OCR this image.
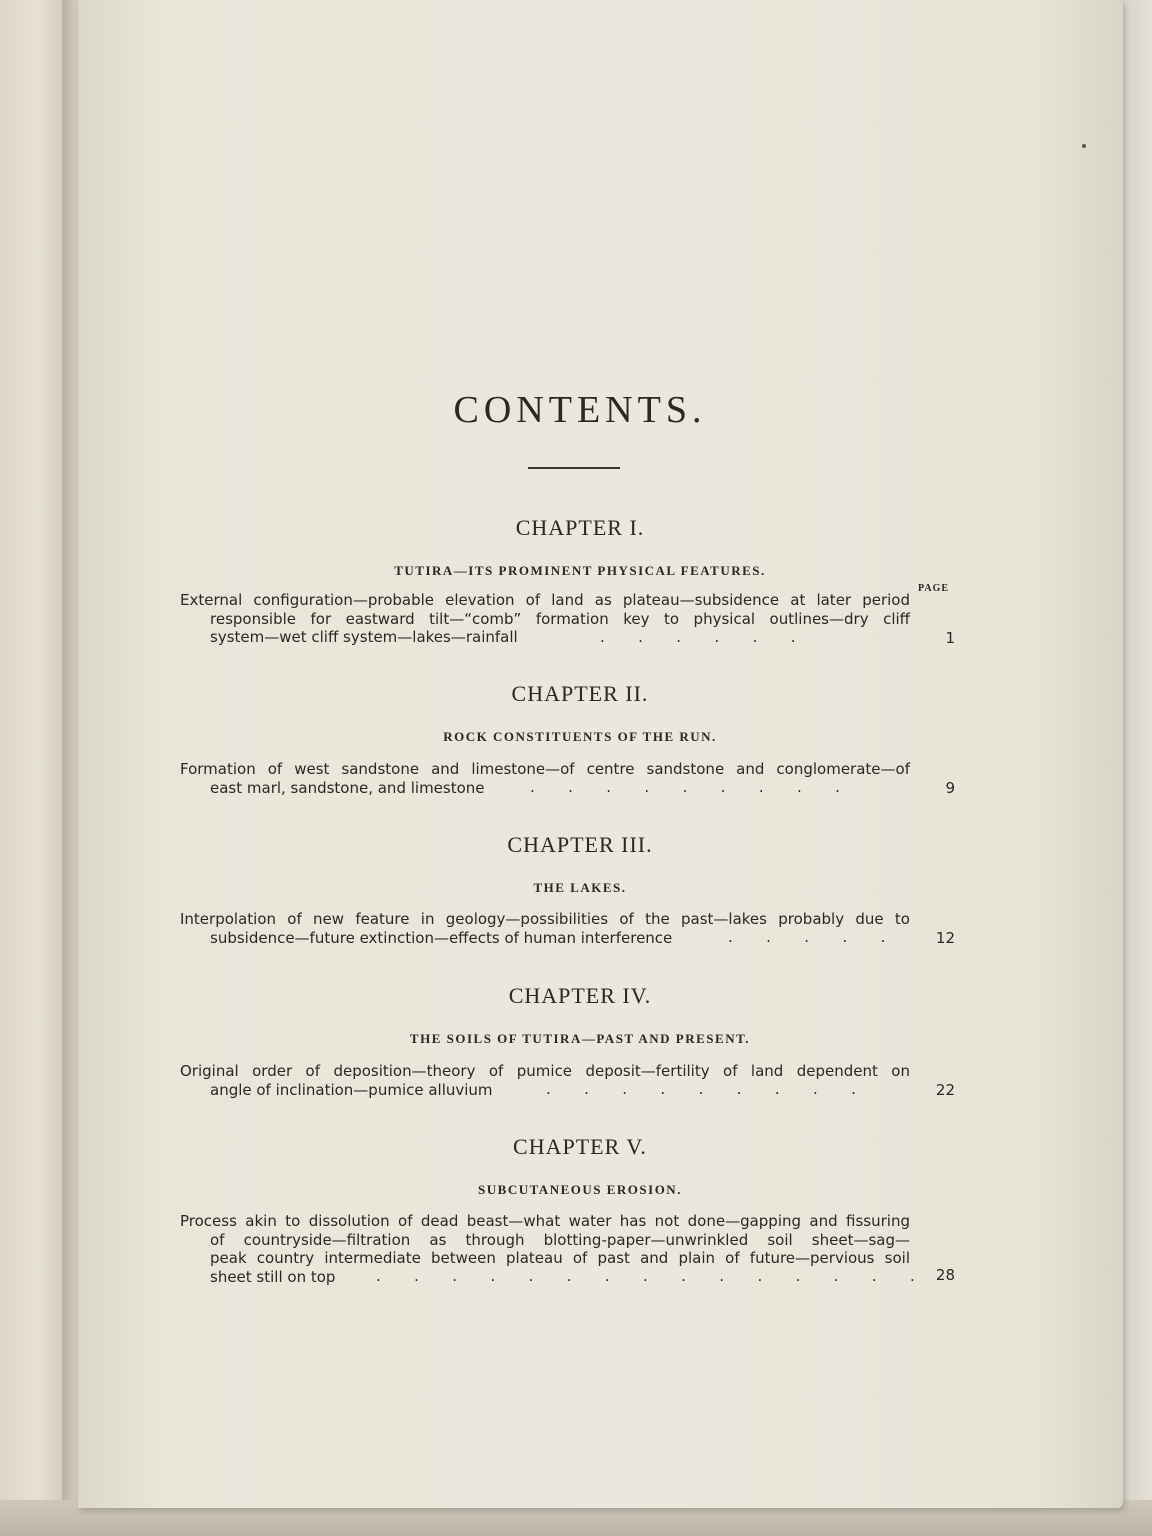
CONTENTS.
PAGE
CHAPTER I.
TUTIRA—ITS PROMINENT PHYSICAL FEATURES.
External configuration—probable elevation of land as plateau—subsidence at later period
responsible for eastward tilt—“comb” formation key to physical outlines—dry cliff
system—wet cliff system—lakes—rainfall	.       .       .       .       .       .	1
CHAPTER II.
ROCK CONSTITUENTS OF THE RUN.
Formation of west sandstone and limestone—of centre sandstone and conglomerate—of
east marl, sandstone, and limestone	.       .       .       .       .       .       .       .       .	9
CHAPTER III.
THE LAKES.
Interpolation of new feature in geology—possibilities of the past—lakes probably due to
subsidence—future extinction—effects of human interference	.       .       .       .       .	12
CHAPTER IV.
THE SOILS OF TUTIRA—PAST AND PRESENT.
Original order of deposition—theory of pumice deposit—fertility of land dependent on
angle of inclination—pumice alluvium	.       .       .       .       .       .       .       .       .	22
CHAPTER V.
SUBCUTANEOUS EROSION.
Process akin to dissolution of dead beast—what water has not done—gapping and fissuring
of countryside—filtration as through blotting-paper—unwrinkled soil sheet—sag—
peak country intermediate between plateau of past and plain of future—pervious soil
sheet still on top	.       .       .       .       .       .       .       .       .       .       .       .       .       .       .	28
